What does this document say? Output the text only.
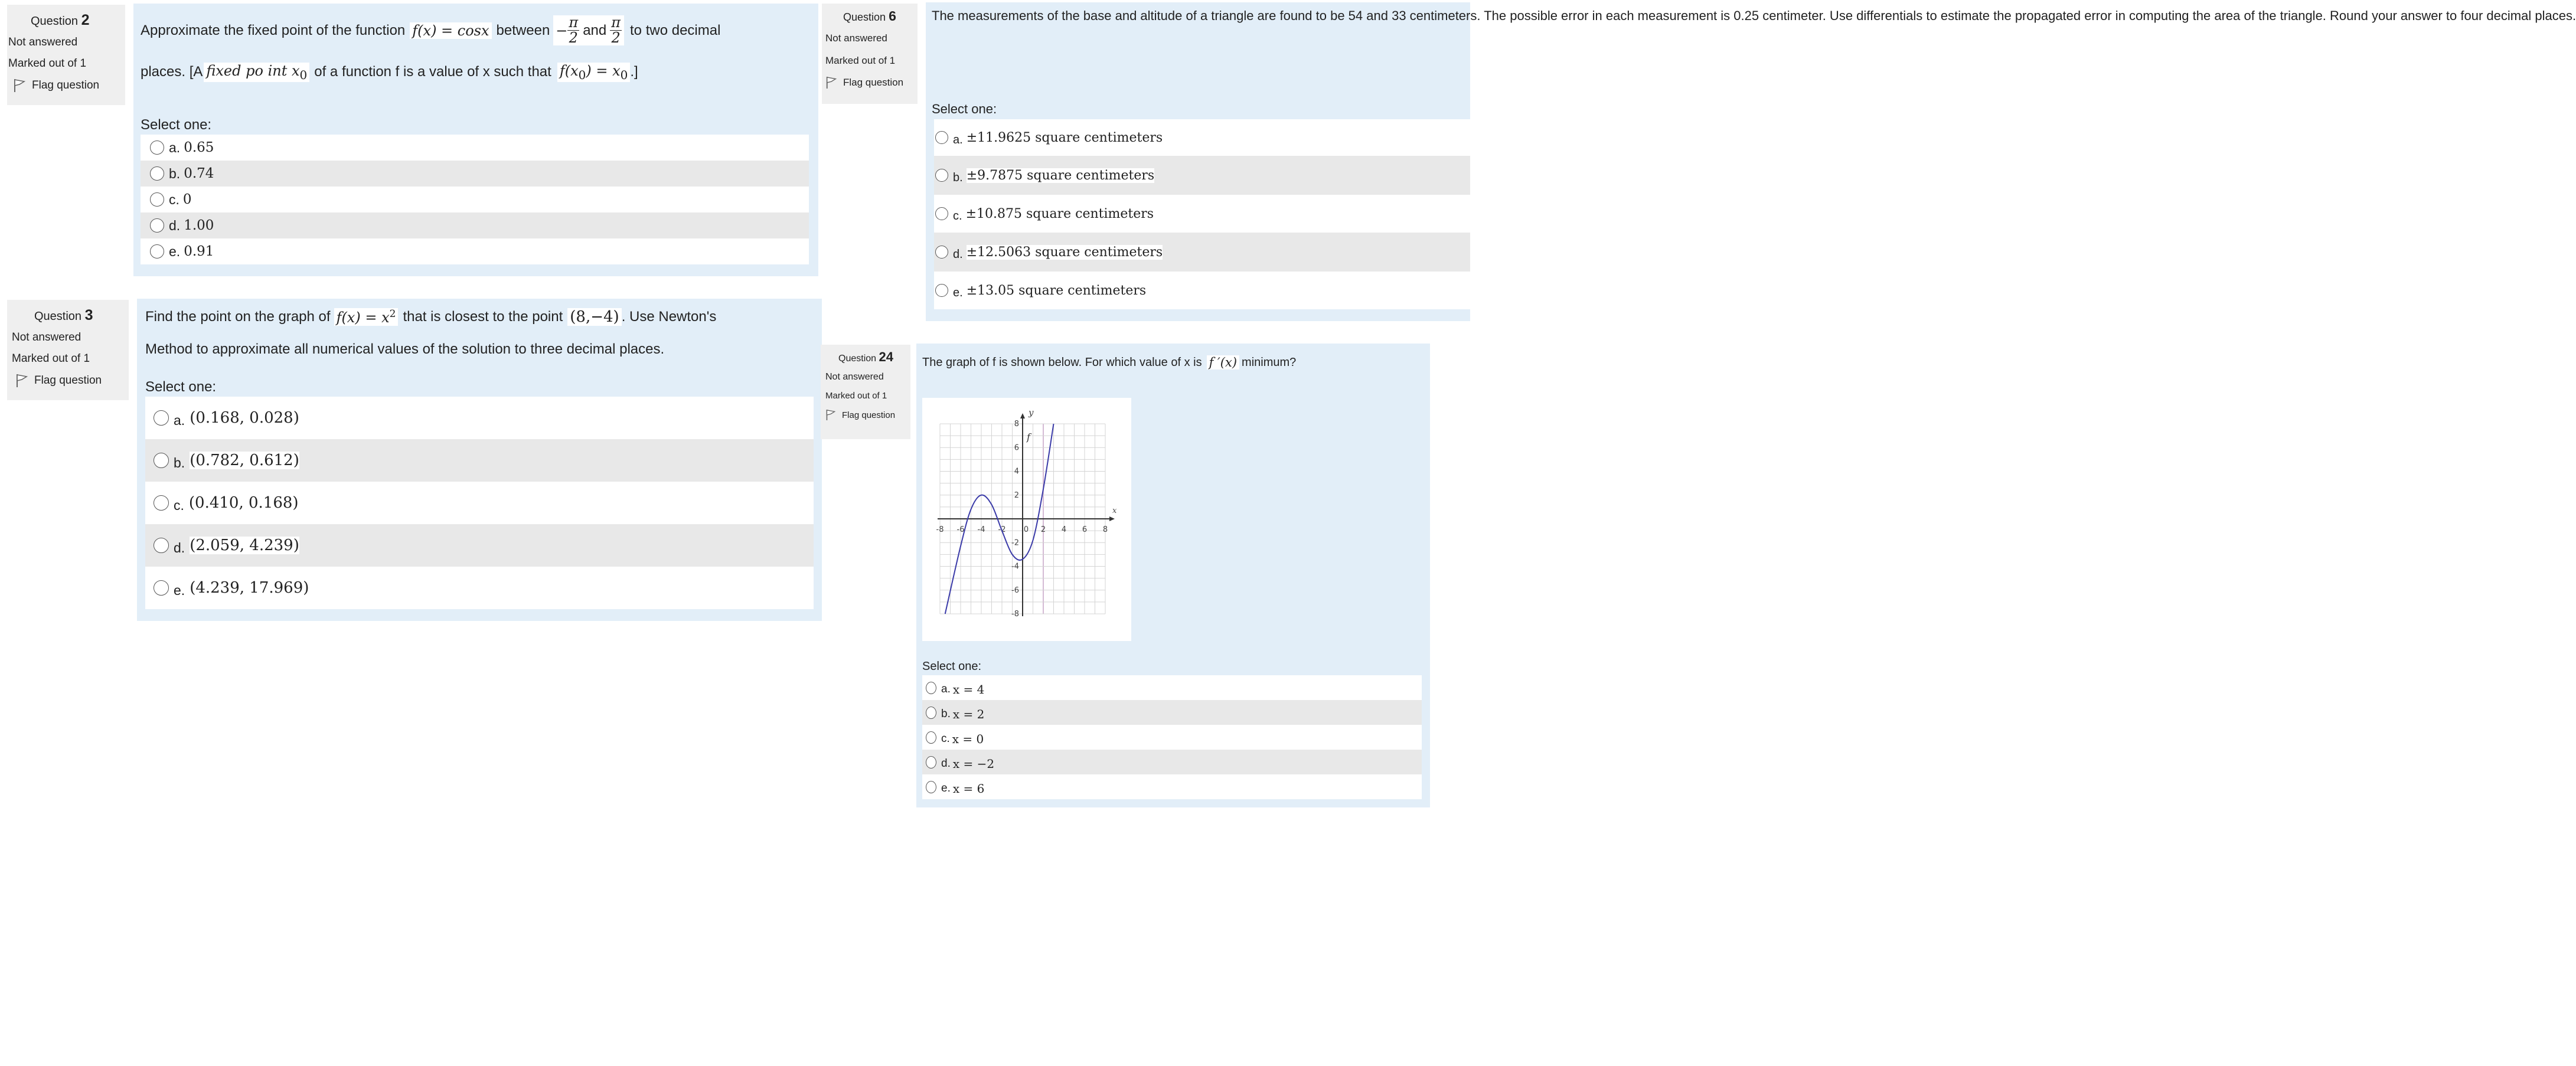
Question 2
Not answered
Marked out of 1
Flag question
Approximate the fixed point of the function f(x) = cosx between − $\frac{\pi}{2}$ and $\frac{\pi}{2}$ to two decimal
places. [A fixed po int $x_0$ of a function f is a value of x such that $f(x_0) = x_0$ .]
Select one:
a. 0.65
b. 0.74
c. 0
d. 1.00
e. 0.91
Question 3
Not answered
Marked out of 1
Flag question
Find the point on the graph of $f(x) = x^2$ that is closest to the point (8,−4) . Use Newton's
Method to approximate all numerical values of the solution to three decimal places.
Select one:
a. (0.168, 0.028)
b. (0.782, 0.612)
c. (0.410, 0.168)
d. (2.059, 4.239)
e. (4.239, 17.969)
Question 6
Not answered
Marked out of 1
Flag question
The measurements of the base and altitude of a triangle are found to be 54 and 33 centimeters. The possible error in each measurement is 0.25 centimeter. Use differentials to estimate the propagated error in computing the area of the triangle. Round your answer to four decimal places.
Select one:
a. ±11.9625 square centimeters
b. ±9.7875 square centimeters
c. ±10.875 square centimeters
d. ±12.5063 square centimeters
e. ±13.05 square centimeters
Question 24
Not answered
Marked out of 1
Flag question
The graph of f is shown below. For which value of x is f ′(x) minimum?
-8 -6 -4 -2 0 2 4 6 8
8
6
4
2
-2
-4
-6
-8
x
y
f
Select one:
a. x = 4
b. x = 2
c. x = 0
d. x = −2
e. x = 6
